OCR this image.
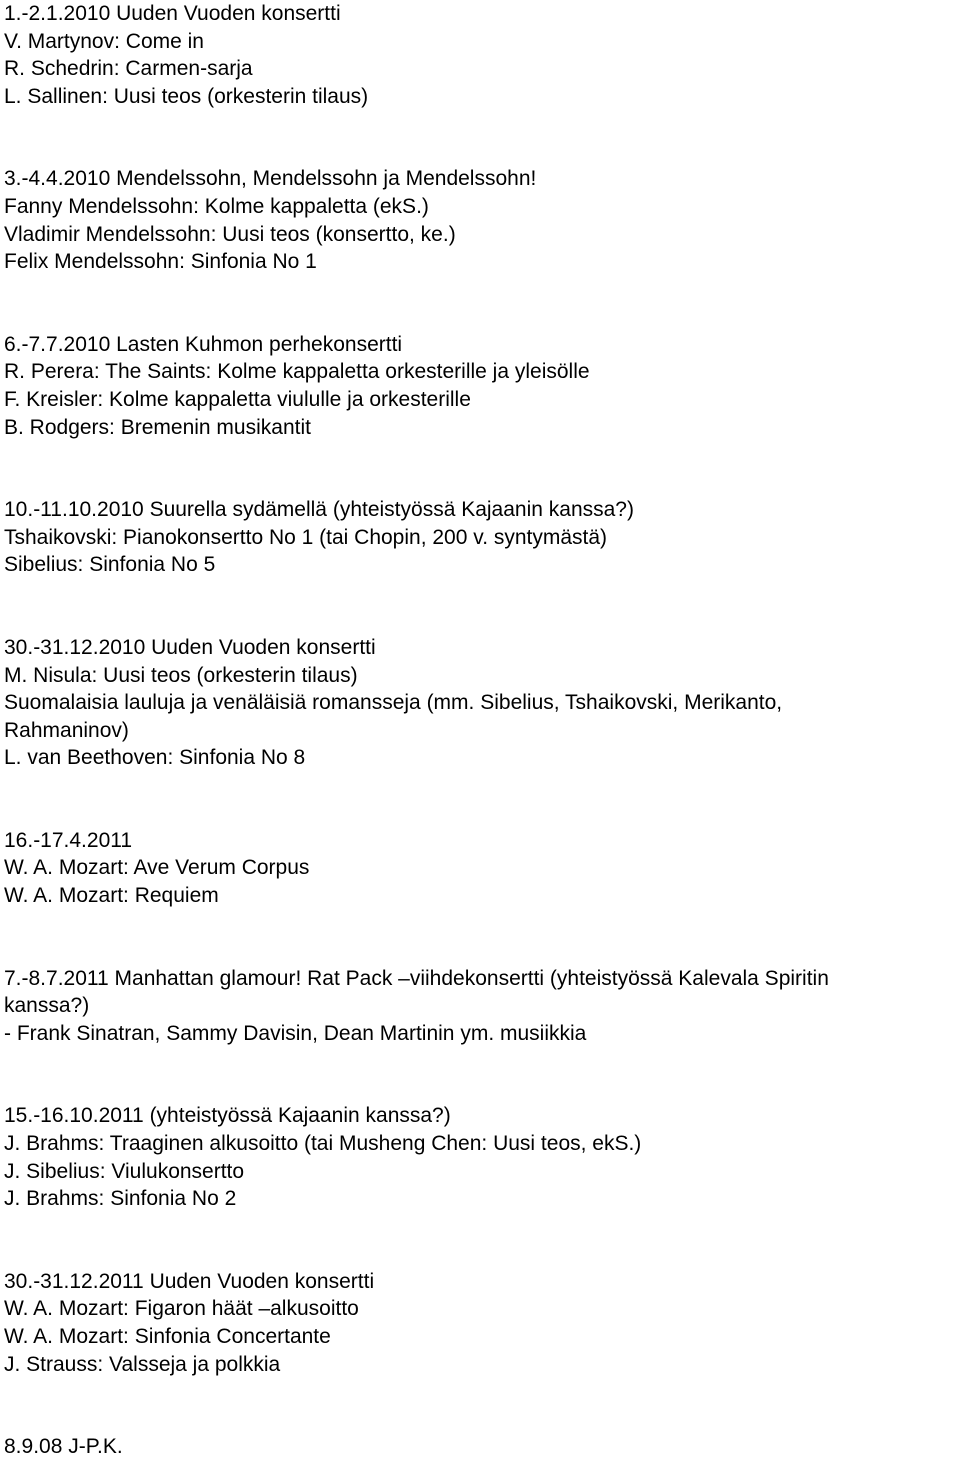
1.-2.1.2010 Uuden Vuoden konsertti
V. Martynov: Come in
R. Schedrin: Carmen-sarja
L. Sallinen: Uusi teos (orkesterin tilaus)
3.-4.4.2010 Mendelssohn, Mendelssohn ja Mendelssohn!
Fanny Mendelssohn: Kolme kappaletta (ekS.)
Vladimir Mendelssohn: Uusi teos (konsertto, ke.)
Felix Mendelssohn: Sinfonia No 1
6.-7.7.2010 Lasten Kuhmon perhekonsertti
R. Perera: The Saints: Kolme kappaletta orkesterille ja yleisölle
F. Kreisler: Kolme kappaletta viululle ja orkesterille
B. Rodgers: Bremenin musikantit
10.-11.10.2010 Suurella sydämellä (yhteistyössä Kajaanin kanssa?)
Tshaikovski: Pianokonsertto No 1 (tai Chopin, 200 v. syntymästä)
Sibelius: Sinfonia No 5
30.-31.12.2010 Uuden Vuoden konsertti
M. Nisula: Uusi teos (orkesterin tilaus)
Suomalaisia lauluja ja venäläisiä romansseja (mm. Sibelius, Tshaikovski, Merikanto,
Rahmaninov)
L. van Beethoven: Sinfonia No 8
16.-17.4.2011
W. A. Mozart: Ave Verum Corpus
W. A. Mozart: Requiem
7.-8.7.2011 Manhattan glamour! Rat Pack –viihdekonsertti (yhteistyössä Kalevala Spiritin
kanssa?)
- Frank Sinatran, Sammy Davisin, Dean Martinin ym. musiikkia
15.-16.10.2011 (yhteistyössä Kajaanin kanssa?)
J. Brahms: Traaginen alkusoitto (tai Musheng Chen: Uusi teos, ekS.)
J. Sibelius: Viulukonsertto
J. Brahms: Sinfonia No 2
30.-31.12.2011 Uuden Vuoden konsertti
W. A. Mozart: Figaron häät –alkusoitto
W. A. Mozart: Sinfonia Concertante
J. Strauss: Valsseja ja polkkia
8.9.08 J-P.K.
